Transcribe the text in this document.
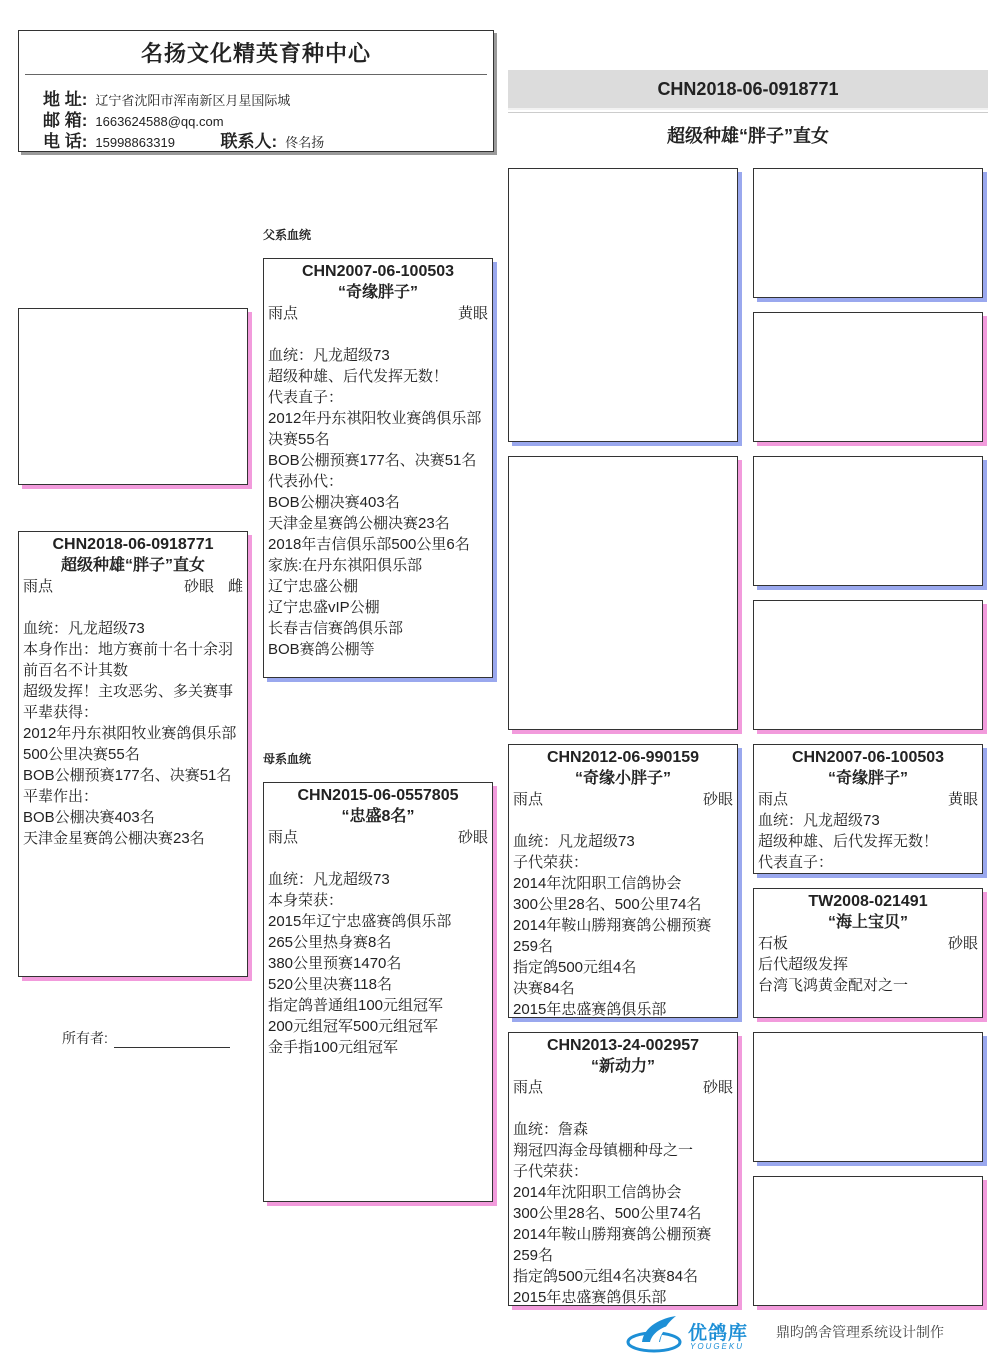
名扬文化精英育种中心
地 址: 辽宁省沈阳市浑南新区月星国际城
邮 箱: 1663624588@qq.com
电 话: 15998863319	联系人: 佟名扬
CHN2018-06-0918771
超级种雄“胖子”直女
CHN2018-06-0918771
超级种雄“胖子”直女
雨点	砂眼 雌

血统：凡龙超级73
本身作出：地方赛前十名十余羽前百名不计其数
超级发挥！主攻恶劣、多关赛事
平辈获得：
2012年丹东祺阳牧业赛鸽俱乐部
500公里决赛55名
BOB公棚预赛177名、决赛51名
平辈作出：
BOB公棚决赛403名
天津金星赛鸽公棚决赛23名
所有者:
父系血统
母系血统
CHN2007-06-100503
“奇缘胖子”
雨点	黄眼

血统：凡龙超级73
超级种雄、后代发挥无数！
代表直子：
2012年丹东祺阳牧业赛鸽俱乐部决赛55名
BOB公棚预赛177名、决赛51名
代表孙代：
BOB公棚决赛403名
天津金星赛鸽公棚决赛23名
2018年吉信俱乐部500公里6名
家族:在丹东祺阳俱乐部
辽宁忠盛公棚
辽宁忠盛vIP公棚
长春吉信赛鸽俱乐部
BOB赛鸽公棚等
CHN2015-06-0557805
“忠盛8名”
雨点	砂眼

血统：凡龙超级73
本身荣获：
2015年辽宁忠盛赛鸽俱乐部
265公里热身赛8名
380公里预赛1470名
520公里决赛118名
指定鸽普通组100元组冠军
200元组冠军500元组冠军
金手指100元组冠军
CHN2012-06-990159
“奇缘小胖子”
雨点	砂眼

血统：凡龙超级73
子代荣获：
2014年沈阳职工信鸽协会
300公里28名、500公里74名
2014年鞍山勝翔赛鸽公棚预赛259名
指定鸽500元组4名
决赛84名
2015年忠盛赛鸽俱乐部
CHN2013-24-002957
“新动力”
雨点	砂眼

血统：詹森
翔冠四海金母镇棚种母之一
子代荣获：
2014年沈阳职工信鸽协会
300公里28名、500公里74名
2014年鞍山勝翔赛鸽公棚预赛259名
指定鸽500元组4名决赛84名
2015年忠盛赛鸽俱乐部
CHN2007-06-100503
“奇缘胖子”
雨点	黄眼
血统：凡龙超级73
超级种雄、后代发挥无数！
代表直子：
TW2008-021491
“海上宝贝”
石板	砂眼
后代超级发挥
台湾飞鸿黄金配对之一
优鸽库
YOUGEKU
鼎昀鸽舍管理系统设计制作
